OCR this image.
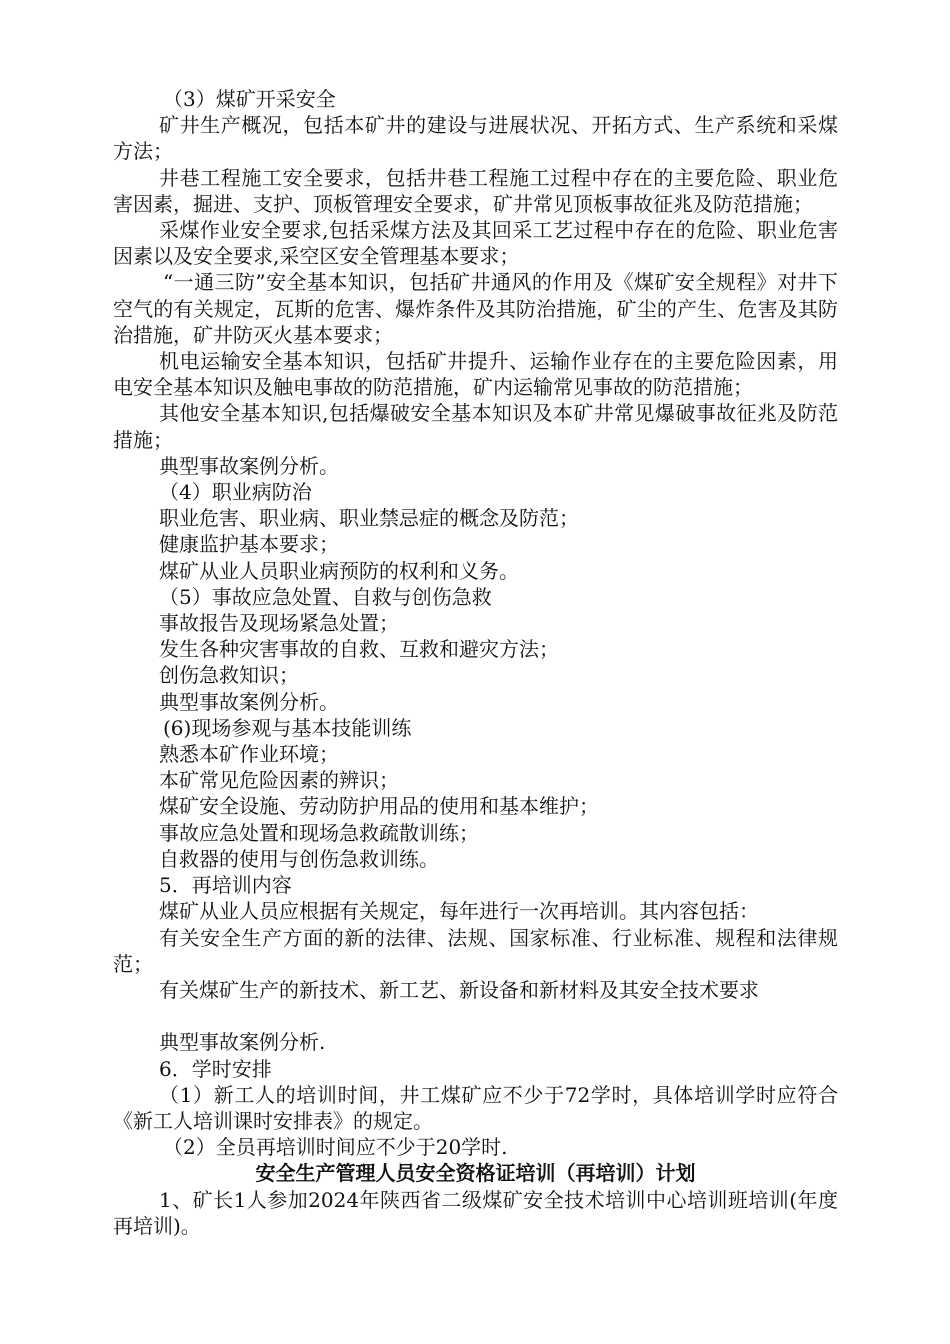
（3）煤矿开采安全

矿井生产概况，包括本矿井的建设与进展状况、开拓方式、生产系统和采煤方法；

井巷工程施工安全要求，包括井巷工程施工过程中存在的主要危险、职业危害因素，掘进、支护、顶板管理安全要求，矿井常见顶板事故征兆及防范措施；

采煤作业安全要求,包括采煤方法及其回采工艺过程中存在的危险、职业危害因素以及安全要求,采空区安全管理基本要求；

“一通三防”安全基本知识，包括矿井通风的作用及《煤矿安全规程》对井下空气的有关规定，瓦斯的危害、爆炸条件及其防治措施，矿尘的产生、危害及其防治措施，矿井防灭火基本要求；

机电运输安全基本知识，包括矿井提升、运输作业存在的主要危险因素，用电安全基本知识及触电事故的防范措施，矿内运输常见事故的防范措施；

其他安全基本知识,包括爆破安全基本知识及本矿井常见爆破事故征兆及防范措施；

典型事故案例分析。

（4）职业病防治

职业危害、职业病、职业禁忌症的概念及防范；

健康监护基本要求；

煤矿从业人员职业病预防的权利和义务。

（5）事故应急处置、自救与创伤急救

事故报告及现场紧急处置；

发生各种灾害事故的自救、互救和避灾方法；

创伤急救知识；

典型事故案例分析。

(6)现场参观与基本技能训练

熟悉本矿作业环境；

本矿常见危险因素的辨识；

煤矿安全设施、劳动防护用品的使用和基本维护；

事故应急处置和现场急救疏散训练；

自救器的使用与创伤急救训练。

5．再培训内容

煤矿从业人员应根据有关规定，每年进行一次再培训。其内容包括：

有关安全生产方面的新的法律、法规、国家标准、行业标准、规程和法律规范；

有关煤矿生产的新技术、新工艺、新设备和新材料及其安全技术要求

典型事故案例分析.

6．学时安排

（1）新工人的培训时间，井工煤矿应不少于72学时，具体培训学时应符合《新工人培训课时安排表》的规定。

（2）全员再培训时间应不少于20学时.

安全生产管理人员安全资格证培训（再培训）计划

1、矿长1人参加2024年陕西省二级煤矿安全技术培训中心培训班培训(年度再培训)。
